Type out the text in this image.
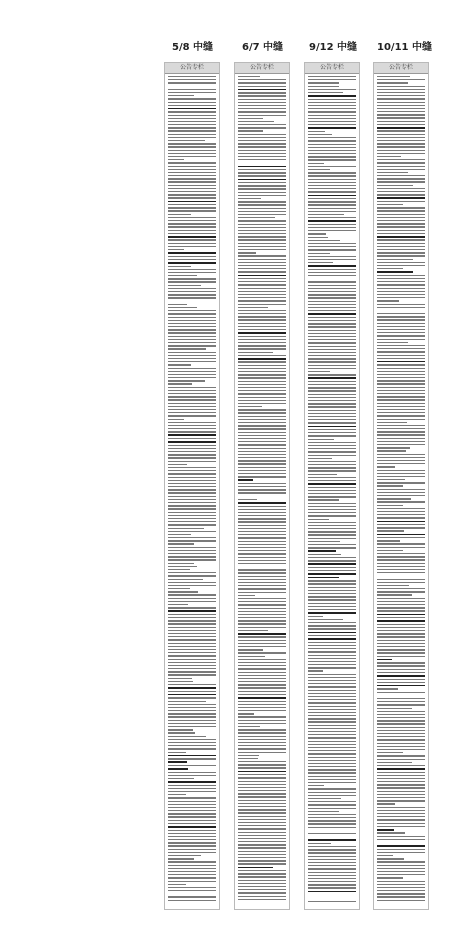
5/8 中缝	6/7 中缝	9/12 中缝 10/11 中缝
公告专栏	公告专栏	公告专栏	公告专栏
